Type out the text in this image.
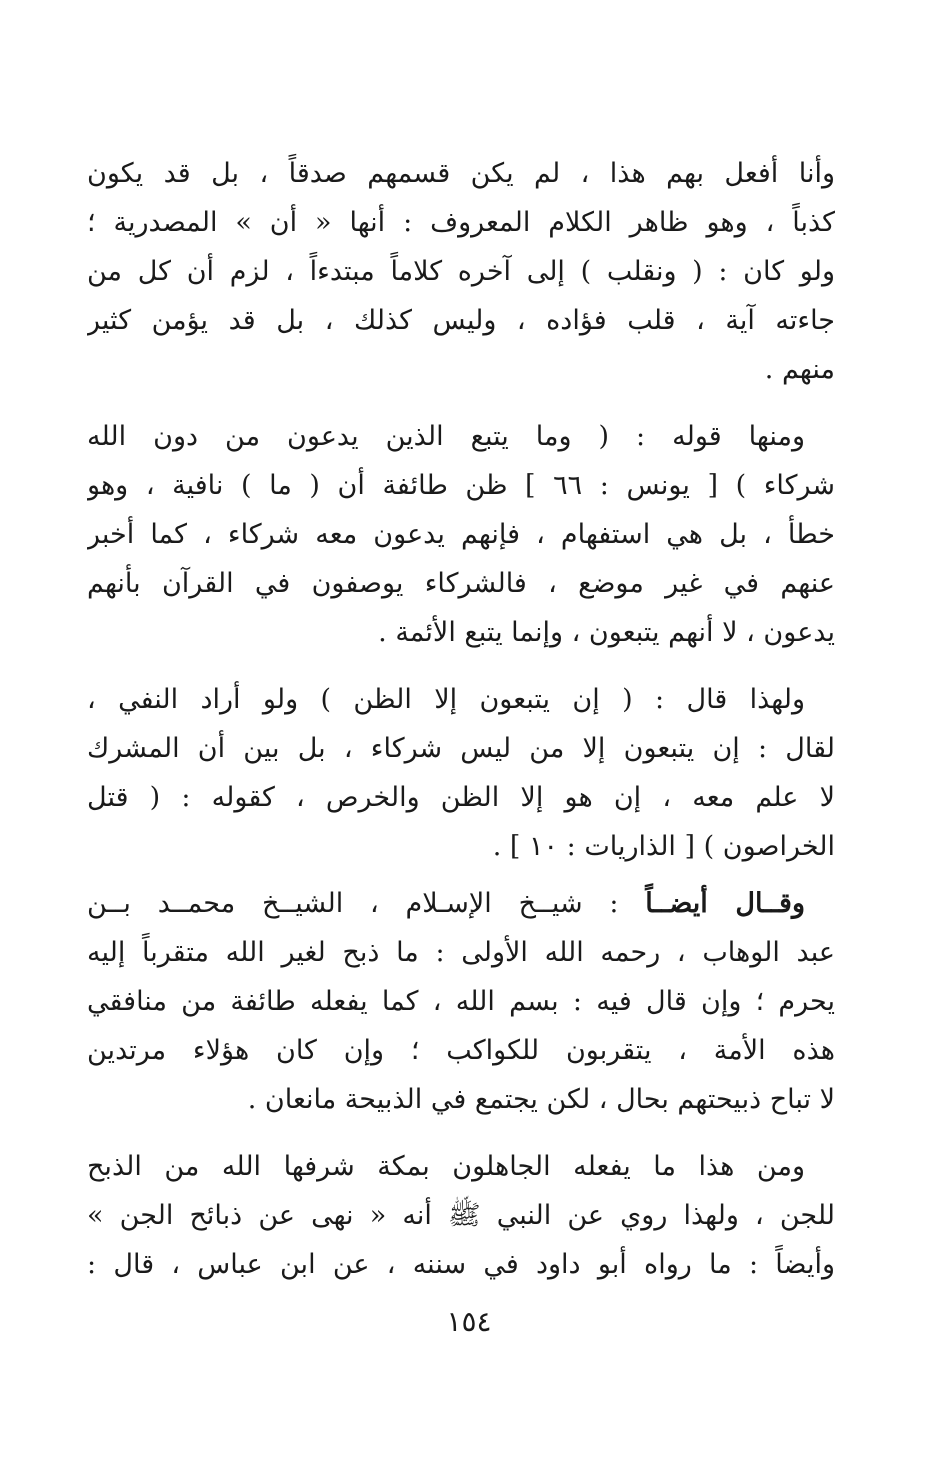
وأنا أفعل بهم هذا ، لم يكن قسمهم صدقاً ، بل قد يكون
كذباً ، وهو ظاهر الكلام المعروف : أنها « أن » المصدرية ؛
ولو كان : ( ونقلب ) إلى آخره كلاماً مبتدءاً ، لزم أن كل من
جاءته آية ، قلب فؤاده ، وليس كذلك ، بل قد يؤمن كثير
منهم .
ومنها قوله : ( وما يتبع الذين يدعون من دون الله
شركاء ) [ يونس : ٦٦ ] ظن طائفة أن ( ما ) نافية ، وهو
خطأ ، بل هي استفهام ، فإنهم يدعون معه شركاء ، كما أخبر
عنهم في غير موضع ، فالشركاء يوصفون في القرآن بأنهم
يدعون ، لا أنهم يتبعون ، وإنما يتبع الأئمة .
ولهذا قال : ( إن يتبعون إلا الظن ) ولو أراد النفي ،
لقال : إن يتبعون إلا من ليس شركاء ، بل بين أن المشرك
لا علم معه ، إن هو إلا الظن والخرص ، كقوله : ( قتل
الخراصون ) [ الذاريات : ١٠ ] .
وقــال أيضــاً : شيــخ الإسـلام ، الشيــخ محمــد بــن
عبد الوهاب ، رحمه الله الأولى : ما ذبح لغير الله متقرباً إليه
يحرم ؛ وإن قال فيه : بسم الله ، كما يفعله طائفة من منافقي
هذه الأمة ، يتقربون للكواكب ؛ وإن كان هؤلاء مرتدين
لا تباح ذبيحتهم بحال ، لكن يجتمع في الذبيحة مانعان .
ومن هذا ما يفعله الجاهلون بمكة شرفها الله من الذبح
للجن ، ولهذا روي عن النبي ﷺ أنه « نهى عن ذبائح الجن »
وأيضاً : ما رواه أبو داود في سننه ، عن ابن عباس ، قال :
١٥٤
